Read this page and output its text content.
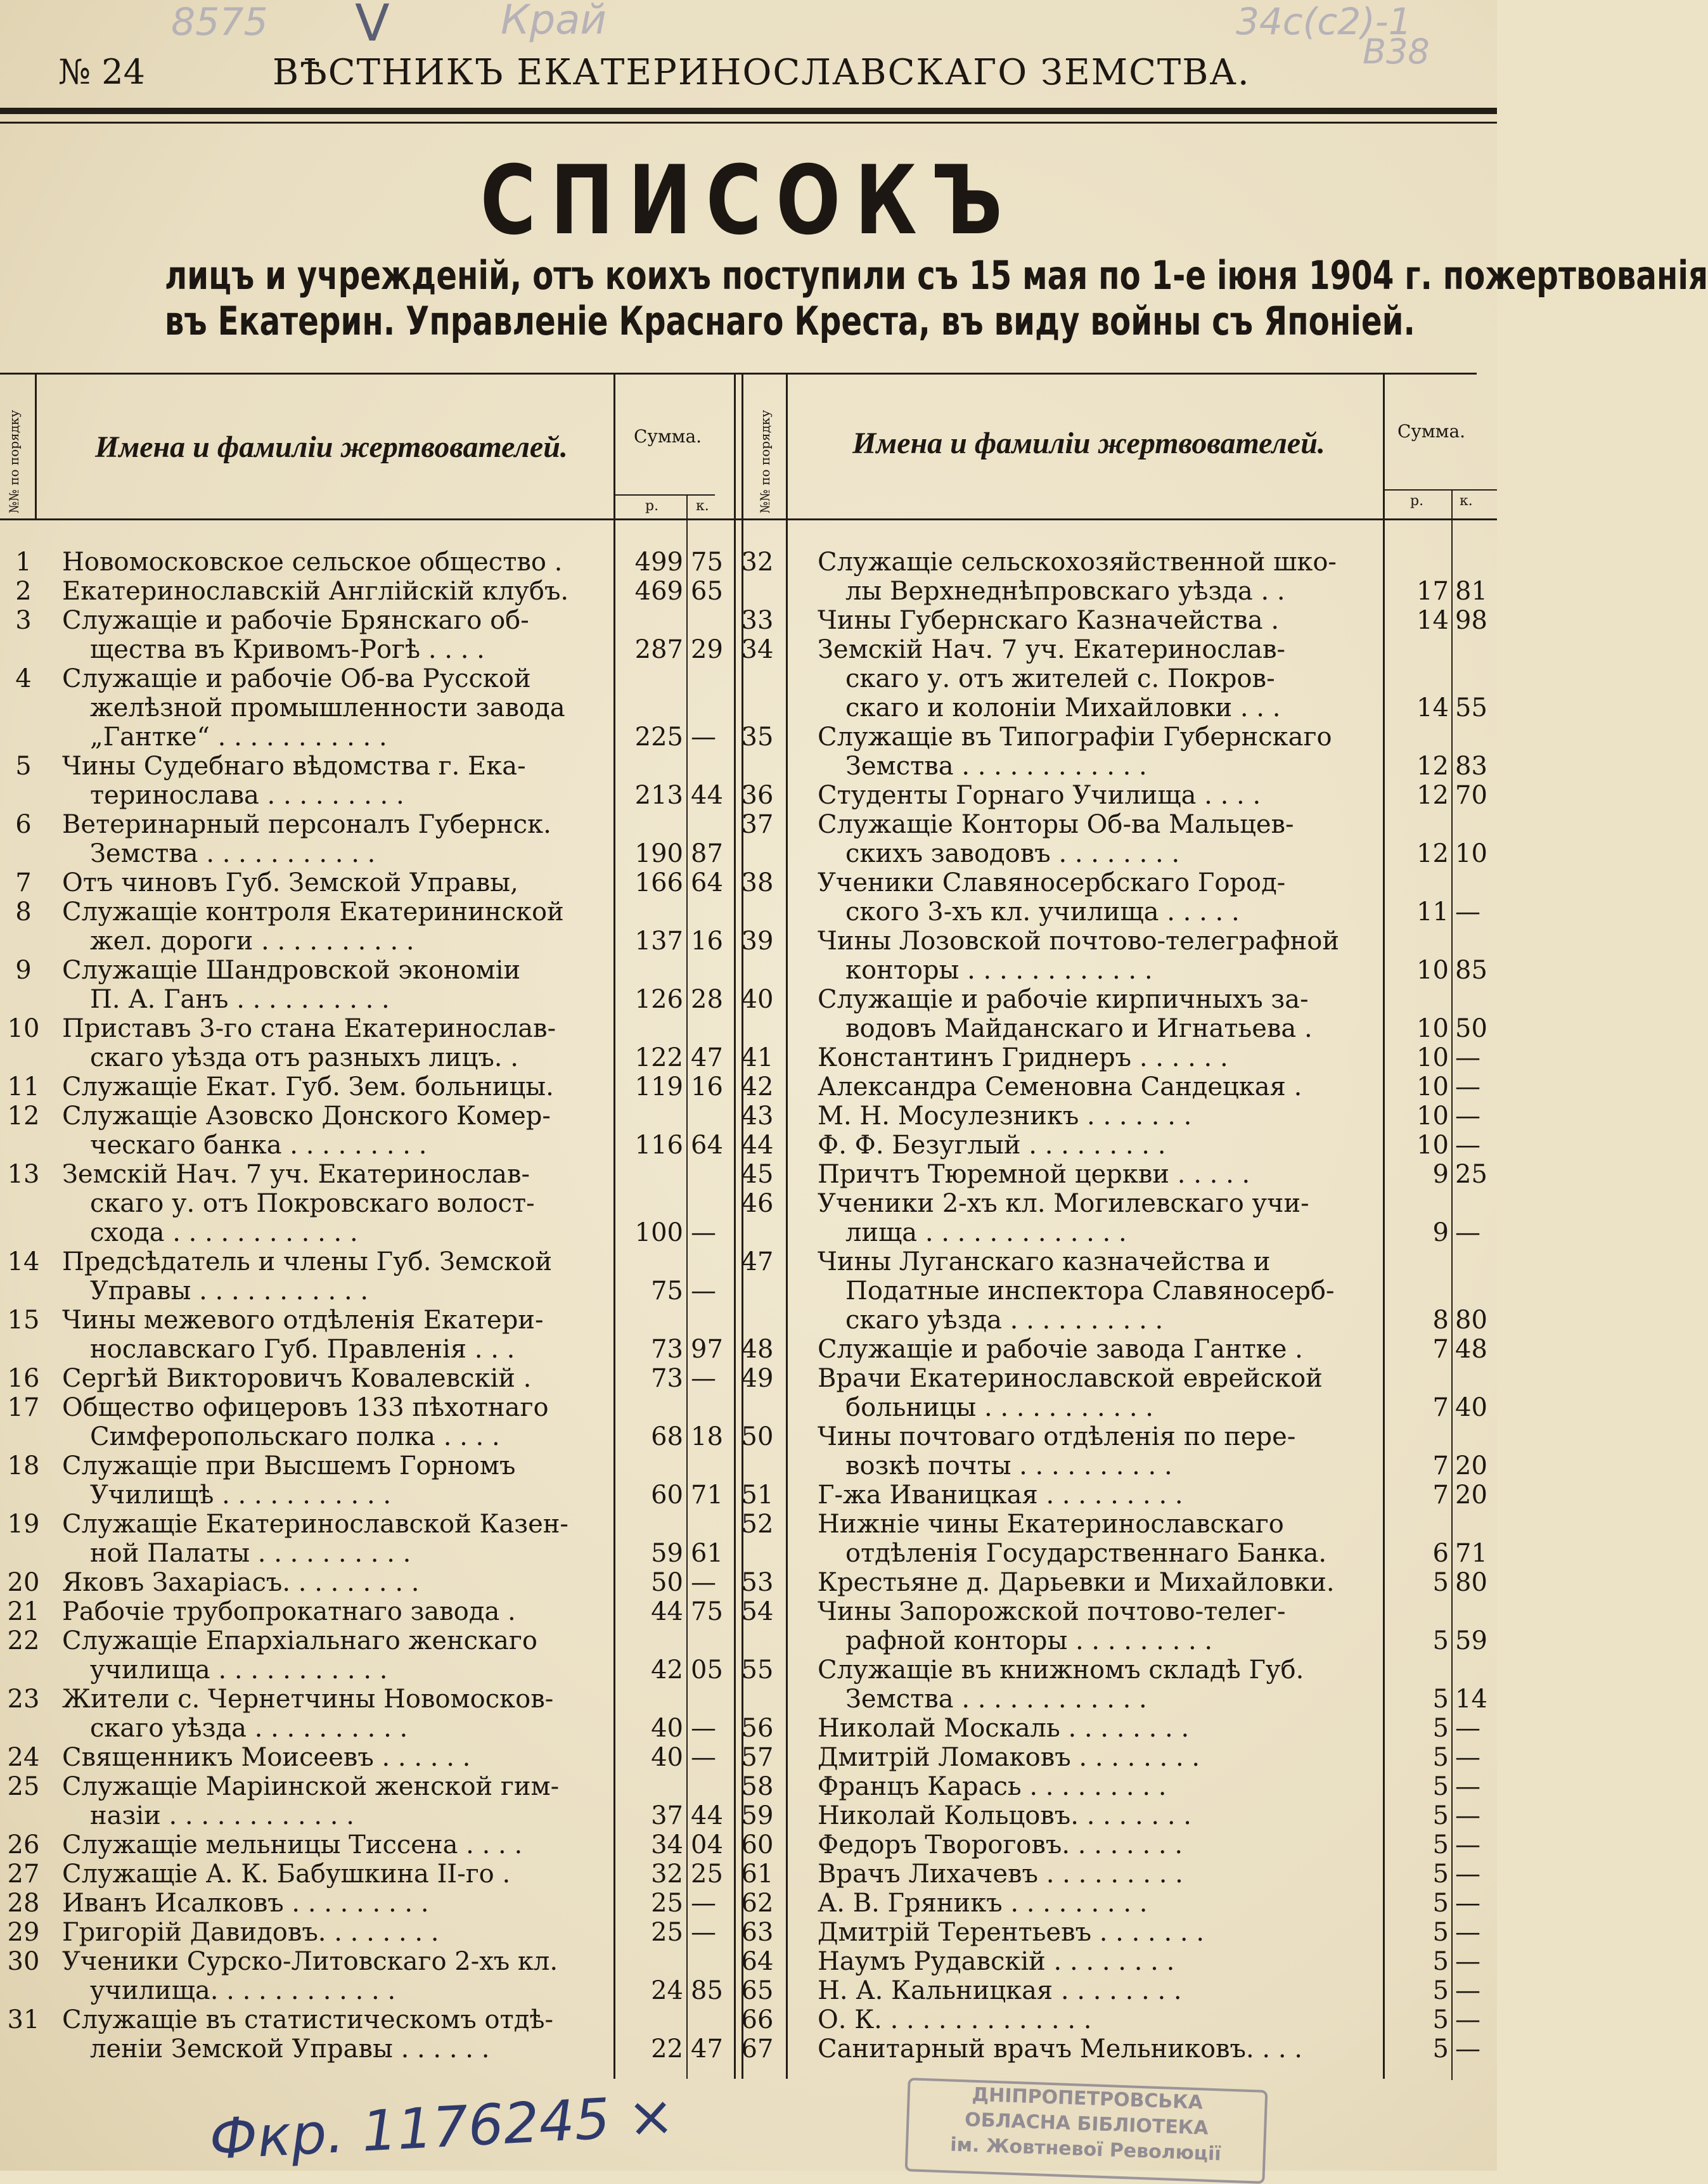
8575 V	Край	34c(с2)-1
B38
№ 24	ВѢСТНИКЪ ЕКАТЕРИНОСЛАВСКАГО ЗЕМСТВА.
СПИСОКЪ
лицъ и учрежденій, отъ коихъ поступили съ 15 мая по 1-е іюня 1904 г. пожертвованія
въ Екатерин. Управленіе Краснаго Креста, въ виду войны съ Японіей.
№№ по порядку Имена и фамиліи жертвователей.	Сумма.
р.	к.	№№ по порядку	Имена и фамиліи жертвователей.	Сумма.
р.	к.
1	Новомосковское сельское общество .	499 75
2	Екатеринославскій Англійскій клубъ.	469 65
3	Служащіе и рабочіе Брянскаго об-
щества въ Кривомъ-Рогѣ . . . .	287 29
4	Служащіе и рабочіе Об-ва Русской
желѣзной промышленности завода
„Гантке“ . . . . . . . . . . .	225 —
5	Чины Судебнаго вѣдомства г. Ека-
теринослава . . . . . . . . .	213 44
6	Ветеринарный персоналъ Губернск.
Земства . . . . . . . . . . .	190 87
7	Отъ чиновъ Губ. Земской Управы,	166 64
8	Служащіе контроля Екатерининской
жел. дороги . . . . . . . . . .	137 16
9	Служащіе Шандровской экономіи
П. А. Ганъ . . . . . . . . . .	126 28
10 Приставъ 3-го стана Екатеринослав-
скаго уѣзда отъ разныхъ лицъ. .	122 47
11 Служащіе Екат. Губ. Зем. больницы.	119 16
12 Служащіе Азовско Донского Комер-
ческаго банка . . . . . . . . .	116 64
13 Земскій Нач. 7 уч. Екатеринослав-
скаго у. отъ Покровскаго волост-
схода . . . . . . . . . . . .	100 —
14 Предсѣдатель и члены Губ. Земской
Управы . . . . . . . . . . .	75 —
15 Чины межевого отдѣленія Екатери-
нославскаго Губ. Правленія . . .	73 97
16 Сергѣй Викторовичъ Ковалевскій .	73 —
17 Общество офицеровъ 133 пѣхотнаго
Симферопольскаго полка . . . .	68 18
18 Служащіе при Высшемъ Горномъ
Училищѣ . . . . . . . . . . .	60 71
19 Служащіе Екатеринославской Казен-
ной Палаты . . . . . . . . . .	59 61
20 Яковъ Захаріасъ. . . . . . . . .	50 —
21 Рабочіе трубопрокатнаго завода .	44 75
22 Служащіе Епархіальнаго женскаго
училища . . . . . . . . . . .	42 05
23 Жители с. Чернетчины Новомосков-
скаго уѣзда . . . . . . . . . .	40 —
24 Священникъ Моисеевъ . . . . . .	40 —
25 Служащіе Маріинской женской гим-
назіи . . . . . . . . . . . .	37 44
26 Служащіе мельницы Тиссена . . . .	34 04
27 Служащіе А. К. Бабушкина II-го .	32 25
28 Иванъ Исалковъ . . . . . . . . .	25 —
29 Григорій Давидовъ. . . . . . . .	25 —
30 Ученики Сурско-Литовскаго 2-хъ кл.
училища. . . . . . . . . . . .	24 85
31 Служащіе въ статистическомъ отдѣ-
леніи Земской Управы . . . . . .	22 47
32	Служащіе сельскохозяйственной шко-
лы Верхнеднѣпровскаго уѣзда . .	17 81
33	Чины Губернскаго Казначейства .	14 98
34	Земскій Нач. 7 уч. Екатеринослав-
скаго у. отъ жителей с. Покров-
скаго и колоніи Михайловки . . .	14 55
35	Служащіе въ Типографіи Губернскаго
Земства . . . . . . . . . . . .	12 83
36	Студенты Горнаго Училища . . . .	12 70
37	Служащіе Конторы Об-ва Мальцев-
скихъ заводовъ . . . . . . . .	12 10
38	Ученики Славяносербскаго Город-
ского 3-хъ кл. училища . . . . .	11 —
39	Чины Лозовской почтово-телеграфной
конторы . . . . . . . . . . . .	10 85
40	Служащіе и рабочіе кирпичныхъ за-
водовъ Майданскаго и Игнатьева .	10 50
41	Константинъ Гриднеръ . . . . . .	10 —
42	Александра Семеновна Сандецкая .	10 —
43	М. Н. Мосулезникъ . . . . . . .	10 —
44	Ф. Ф. Безуглый . . . . . . . . .	10 —
45	Причтъ Тюремной церкви . . . . .	9 25
46	Ученики 2-хъ кл. Могилевскаго учи-
лища . . . . . . . . . . . . .	9 —
47	Чины Луганскаго казначейства и
Податные инспектора Славяносерб-
скаго уѣзда . . . . . . . . . .	8 80
48	Служащіе и рабочіе завода Гантке .	7 48
49	Врачи Екатеринославской еврейской
больницы . . . . . . . . . . .	7 40
50	Чины почтоваго отдѣленія по пере-
возкѣ почты . . . . . . . . . .	7 20
51	Г-жа Иваницкая . . . . . . . . .	7 20
52	Нижніе чины Екатеринославскаго
отдѣленія Государственнаго Банка.	6 71
53	Крестьяне д. Дарьевки и Михайловки.	5 80
54	Чины Запорожской почтово-телег-
рафной конторы . . . . . . . . .	5 59
55	Служащіе въ книжномъ складѣ Губ.
Земства . . . . . . . . . . . .	5 14
56	Николай Москаль . . . . . . . .	5 —
57	Дмитрій Ломаковъ . . . . . . . .	5 —
58	Францъ Карась . . . . . . . . .	5 —
59	Николай Кольцовъ. . . . . . . .	5 —
60	Федоръ Твороговъ. . . . . . . .	5 —
61	Врачъ Лихачевъ . . . . . . . . .	5 —
62	А. В. Гряникъ . . . . . . . . .	5 —
63	Дмитрій Терентьевъ . . . . . . .	5 —
64	Наумъ Рудавскій . . . . . . . .	5 —
65	Н. А. Кальницкая . . . . . . . .	5 —
66	О. К. . . . . . . . . . . . . .	5 —
67	Санитарный врачъ Мельниковъ. . . .	5 —
ДНІПРОПЕТРОВСЬКА
ОБЛАСНА БІБЛІОТЕКА
ім. Жовтневої Революції
Фкр. 1176245 ×
